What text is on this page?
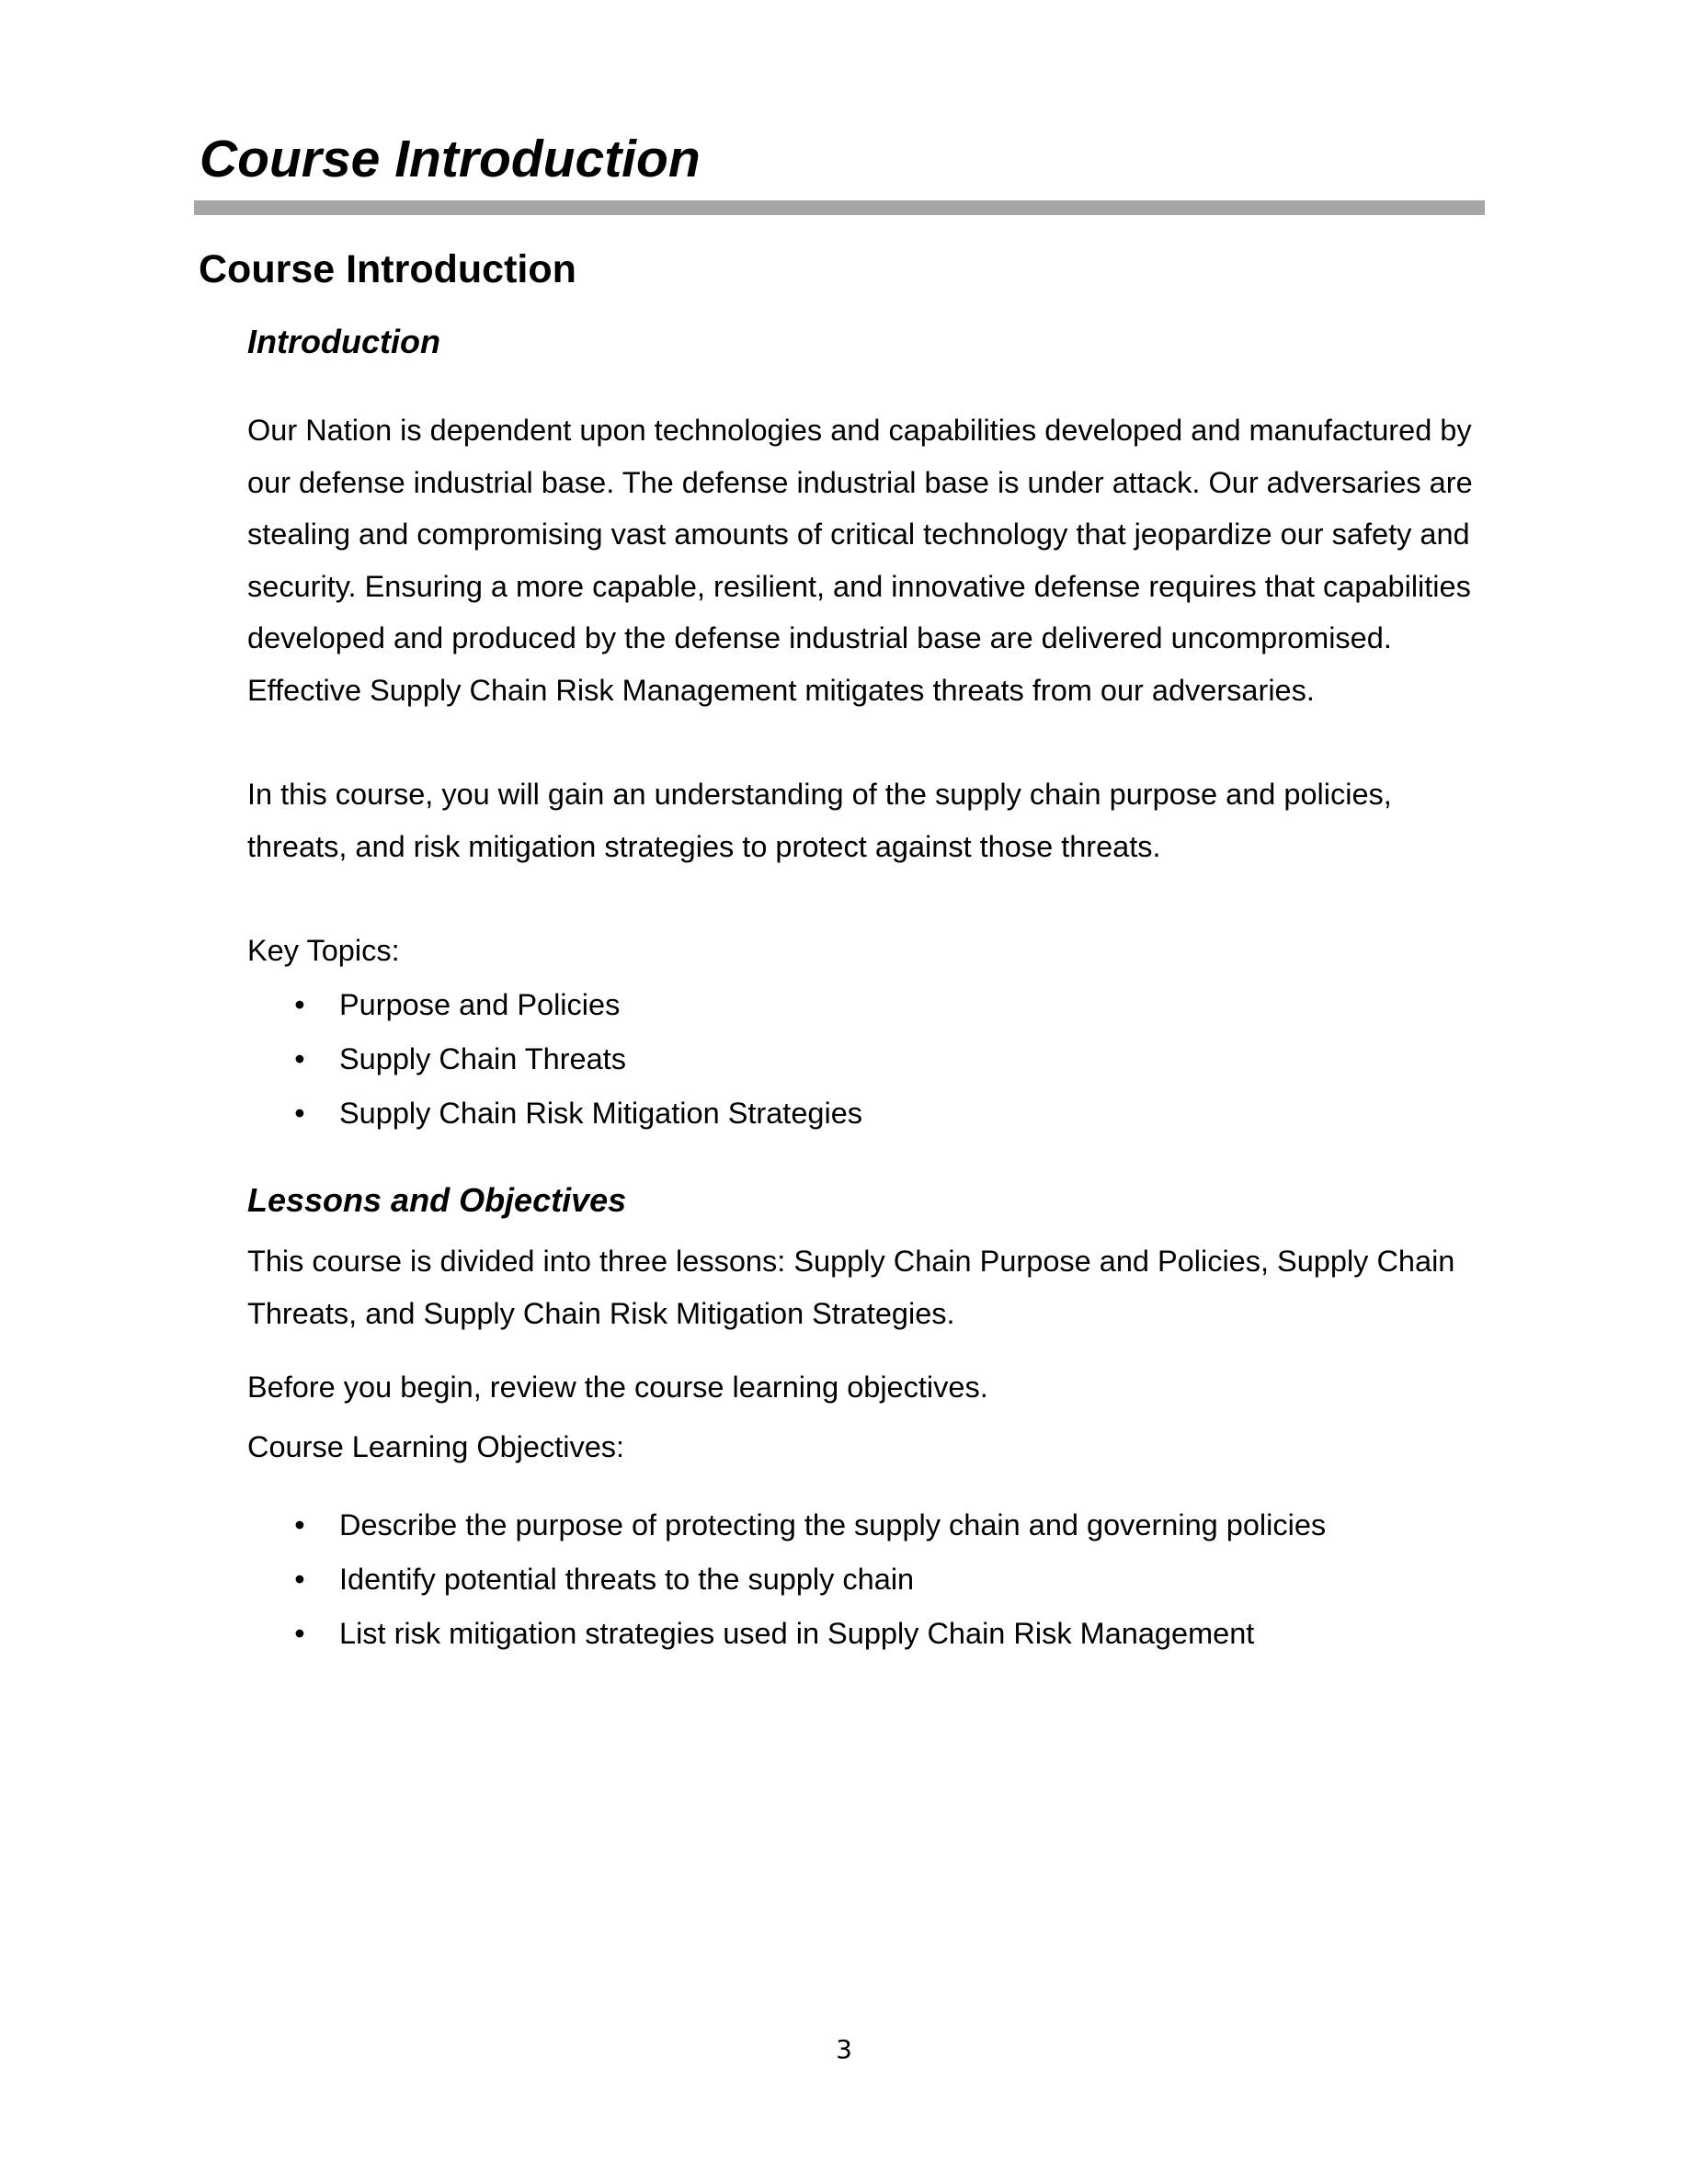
Course Introduction
Course Introduction
Introduction

Our Nation is dependent upon technologies and capabilities developed and manufactured by our defense industrial base. The defense industrial base is under attack. Our adversaries are stealing and compromising vast amounts of critical technology that jeopardize our safety and security. Ensuring a more capable, resilient, and innovative defense requires that capabilities developed and produced by the defense industrial base are delivered uncompromised. Effective Supply Chain Risk Management mitigates threats from our adversaries.

In this course, you will gain an understanding of the supply chain purpose and policies, threats, and risk mitigation strategies to protect against those threats.

Key Topics:

• Purpose and Policies
• Supply Chain Threats
• Supply Chain Risk Mitigation Strategies
Lessons and Objectives

This course is divided into three lessons: Supply Chain Purpose and Policies, Supply Chain Threats, and Supply Chain Risk Mitigation Strategies.

Before you begin, review the course learning objectives.

Course Learning Objectives:

• Describe the purpose of protecting the supply chain and governing policies
• Identify potential threats to the supply chain
• List risk mitigation strategies used in Supply Chain Risk Management

3
